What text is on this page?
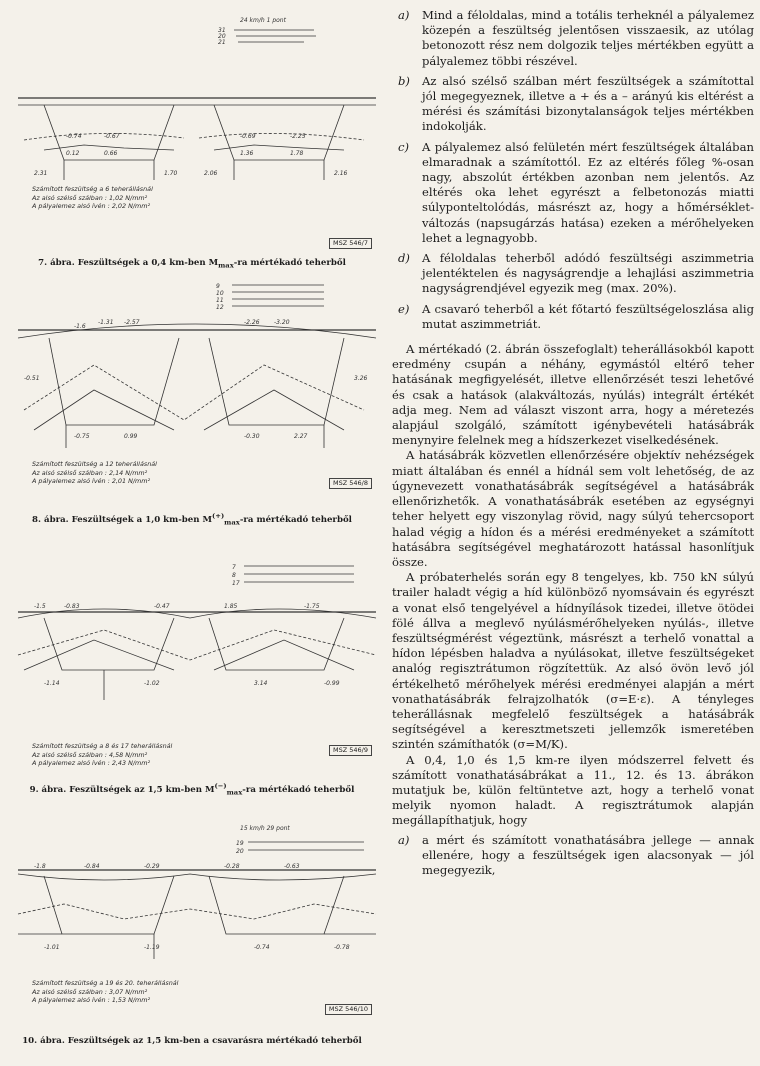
-0.74	-0.67
0.12	0.66
-0.69	-2.25
1.36	1.78
2.31	1.70	2.06	2.16
24 km/h 1 pont
31
20
21
Számított feszültség a 6 teherállásnál
Az alsó szélső szálban : 1,02 N/mm²
A pályalemez alsó ívén : 2,02 N/mm²
MSZ 546/7
7. ábra. Feszültségek a 0,4 km-ben $M_{max}-ra$ mértékadó teherből
9
10
11
12
-1.6
-1.31 -2.57	-2.26 -3.20
-0.75	0.99	-0.30	2.27
-0.51	3.26
Számított feszültség a 12 teherállásnál
Az alsó szélső szálban : 2,14 N/mm²
A pályalemez alsó ívén : 2,01 N/mm²	MSZ 546/8
8. ábra. Feszültségek a 1,0 km-ben $M^{(+)}_{max}-ra$ mértékadó teherből
7
8
17
-1.5	-0.83	-0.47	1.85	-1.75
-1.14	-1.02	3.14	-0.99
Számított feszültség a 8 és 17 teherállásnál
Az alsó szélső szálban : 4,58 N/mm²
A pályalemez alsó ívén : 2,43 N/mm²
MSZ 546/9
9. ábra. Feszültségek az 1,5 km-ben $M^{(-)}_{max}-ra$ mértékadó teherből
15 km/h 29 pont
19
20
-1.8	-0.84	-0.29	-0.28	-0.63
-1.01	-1.19	-0.74	-0.78
Számított feszültség a 19 és 20. teherállásnál
Az alsó szélső szálban : 3,07 N/mm²
A pályalemez alsó ívén : 1,53 N/mm²
MSZ 546/10
10. ábra. Feszültségek az 1,5 km-ben a csavarásra mértékadó teherből
a)	Mind a féloldalas, mind a totális terheknél a pályalemez közepén a feszültség jelentősen visszaesik, az utólag betonozott rész nem dolgozik teljes mértékben együtt a pályalemez többi részével.
b)	Az alsó szélső szálban mért feszültségek a számítottal jól megegyeznek, illetve a + és a – arányú kis eltérést a mérési és számítási bizonytalanságok teljes mértékben indokolják.
c)	A pályalemez alsó felületén mért feszültségek általában elmaradnak a számítottól. Ez az eltérés főleg %-osan nagy, abszolút értékben azonban nem jelentős. Az eltérés oka lehet egyrészt a felbetonozás miatti súlyponteltolódás, másrészt az, hogy a hőmérséklet-változás (napsugárzás hatása) ezeken a mérőhelyeken lehet a legnagyobb.
d)	A féloldalas teherből adódó feszültségi aszimmetria jelentéktelen és nagyságrendje a lehajlási aszimmetria nagyságrendjével egyezik meg (max. 20%).
e)	A csavaró teherből a két főtartó feszültségeloszlása alig mutat aszimmetriát.

A mértékadó (2. ábrán összefoglalt) teherállásokból kapott eredmény csupán a néhány, egymástól eltérő teher hatásának megfigyelését, illetve ellenőrzését teszi lehetővé és csak a hatások (alakváltozás, nyúlás) integrált értékét adja meg. Nem ad választ viszont arra, hogy a méretezés alapjául szolgáló, számított igénybevételi hatásábrák menynyire felelnek meg a hídszerkezet viselkedésének.

A hatásábrák közvetlen ellenőrzésére objektív nehézségek miatt általában és ennél a hídnál sem volt lehetőség, de az úgynevezett vonathatásábrák segítségével a hatásábrák ellenőrizhetők. A vonathatásábrák esetében az egységnyi teher helyett egy viszonylag rövid, nagy súlyú tehercsoport halad végig a hídon és a mérési eredményeket a számított hatásábra segítségével meghatározott hatással hasonlítjuk össze.

A próbaterhelés során egy 8 tengelyes, kb. 750 kN súlyú trailer haladt végig a híd különböző nyomsávain és egyrészt a vonat első tengelyével a hídnyílások tizedei, illetve ötödei fölé állva a meglevő nyúlásmérőhelyeken nyúlás-, illetve feszültségmérést végeztünk, másrészt a terhelő vonattal a hídon lépésben haladva a nyúlásokat, illetve feszültségeket analóg regisztrátumon rögzítettük. Az alsó övön levő jól értékelhető mérőhelyek mérési eredményei alapján a mért vonathatásábrák felrajzolhatók (σ=E·ε). A tényleges teherállásnak megfelelő feszültségek a hatásábrák segítségével a keresztmetszeti jellemzők ismeretében szintén számíthatók (σ=M/K).

A 0,4, 1,0 és 1,5 km-re ilyen módszerrel felvett és számított vonathatásábrákat a 11., 12. és 13. ábrákon mutatjuk be, külön feltüntetve azt, hogy a terhelő vonat melyik nyomon haladt. A regisztrátumok alapján megállapíthatjuk, hogy

a)	a mért és számított vonathatásábra jellege — annak ellenére, hogy a feszültségek igen alacsonyak — jól megegyezik,
